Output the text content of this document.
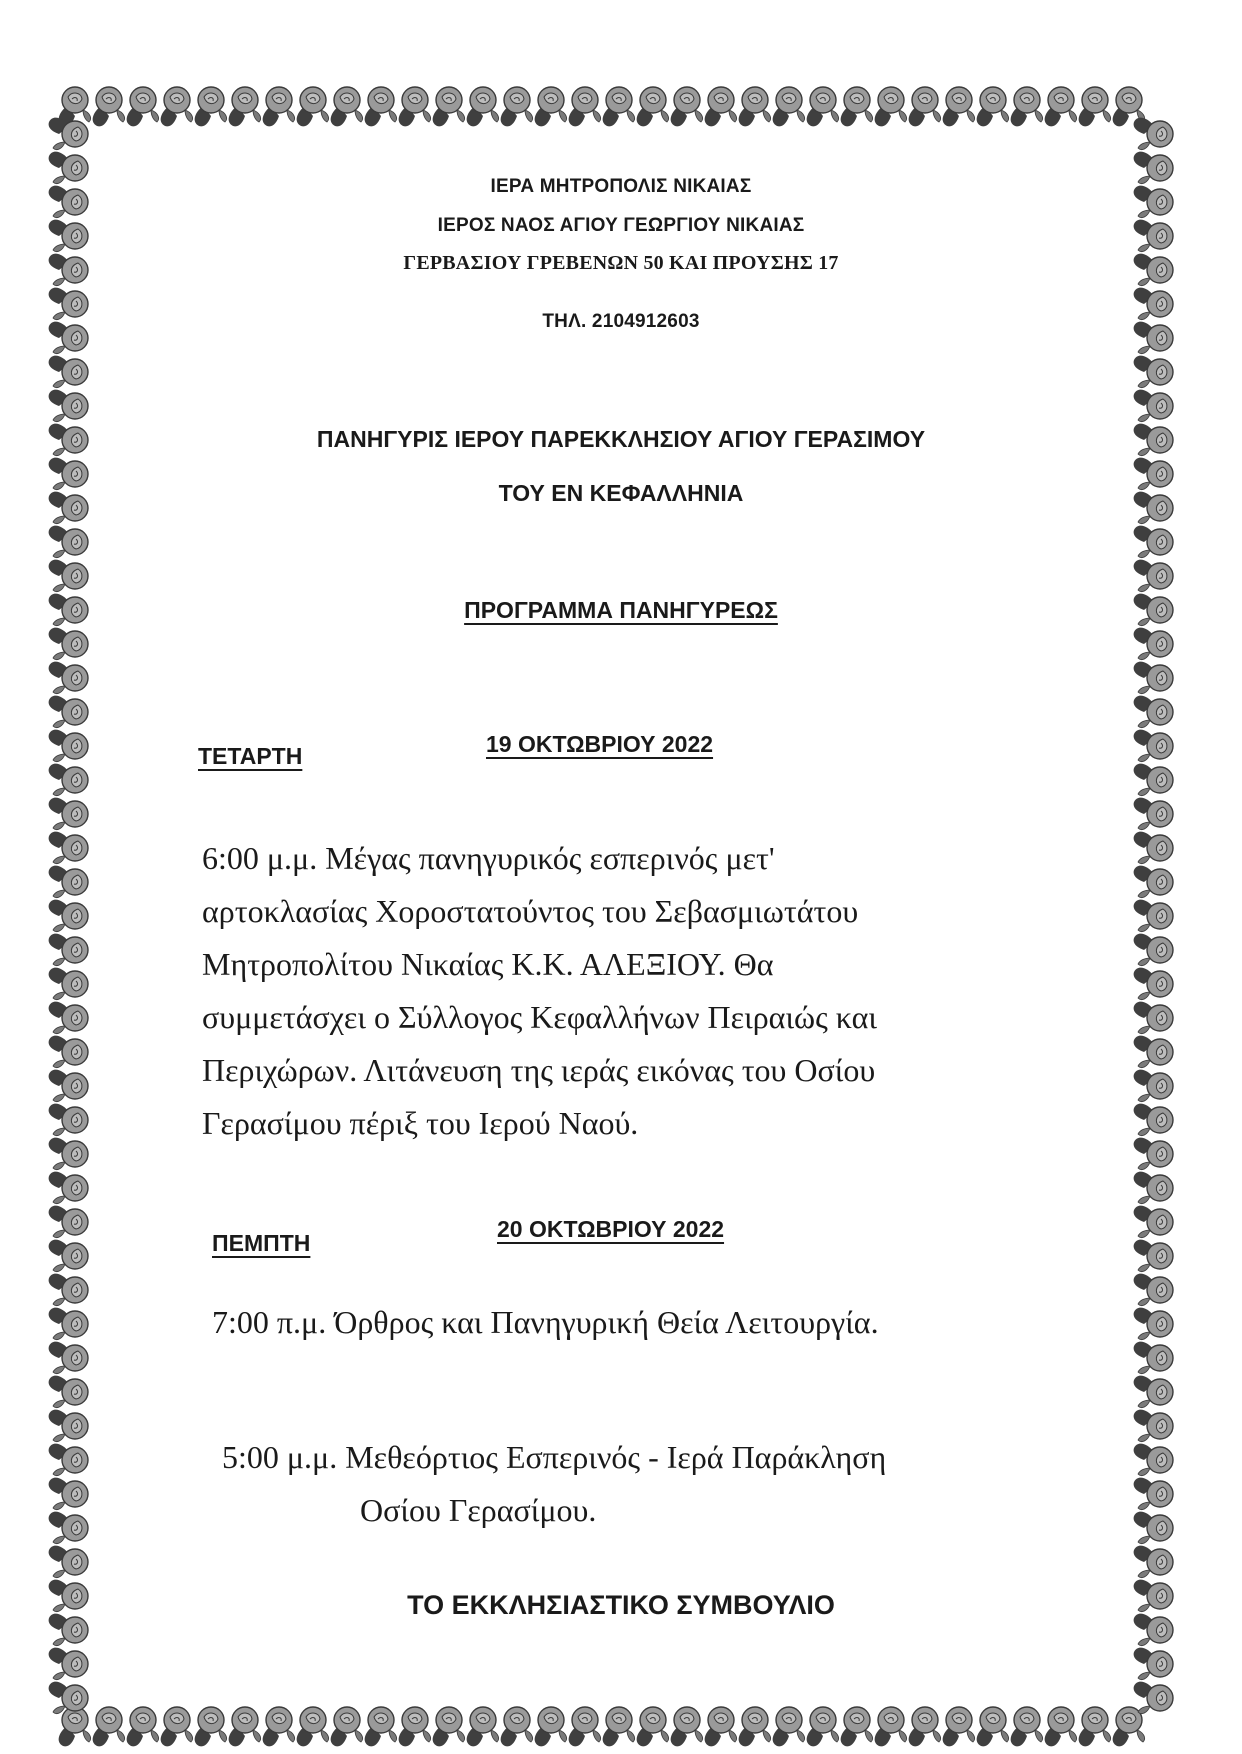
ΙΕΡΑ ΜΗΤΡΟΠΟΛΙΣ ΝΙΚΑΙΑΣ
ΙΕΡΟΣ ΝΑΟΣ ΑΓΙΟΥ ΓΕΩΡΓΙΟΥ ΝΙΚΑΙΑΣ
ΓΕΡΒΑΣΙΟΥ ΓΡΕΒΕΝΩΝ 50 ΚΑΙ ΠΡΟΥΣΗΣ 17
ΤΗΛ. 2104912603
ΠΑΝΗΓΥΡΙΣ ΙΕΡΟΥ ΠΑΡΕΚΚΛΗΣΙΟΥ ΑΓΙΟΥ ΓΕΡΑΣΙΜΟΥ
ΤΟΥ ΕΝ ΚΕΦΑΛΛΗΝΙΑ
ΠΡΟΓΡΑΜΜΑ ΠΑΝΗΓΥΡΕΩΣ
ΤΕΤΑΡΤΗ	19 ΟΚΤΩΒΡΙΟΥ 2022
6:00 μ.μ. Μέγας πανηγυρικός εσπερινός μετ'
αρτοκλασίας Χοροστατούντος του Σεβασμιωτάτου
Μητροπολίτου Νικαίας Κ.Κ. ΑΛΕΞΙΟΥ. Θα
συμμετάσχει ο Σύλλογος Κεφαλλήνων Πειραιώς και
Περιχώρων. Λιτάνευση της ιεράς εικόνας του Οσίου
Γερασίμου πέριξ του Ιερού Ναού.
ΠΕΜΠΤΗ
20 ΟΚΤΩΒΡΙΟΥ 2022
7:00 π.μ. Όρθρος και Πανηγυρική Θεία Λειτουργία.
5:00 μ.μ. Μεθεόρτιος Εσπερινός - Ιερά Παράκληση
Οσίου Γερασίμου.
ΤΟ ΕΚΚΛΗΣΙΑΣΤΙΚΟ ΣΥΜΒΟΥΛΙΟ
